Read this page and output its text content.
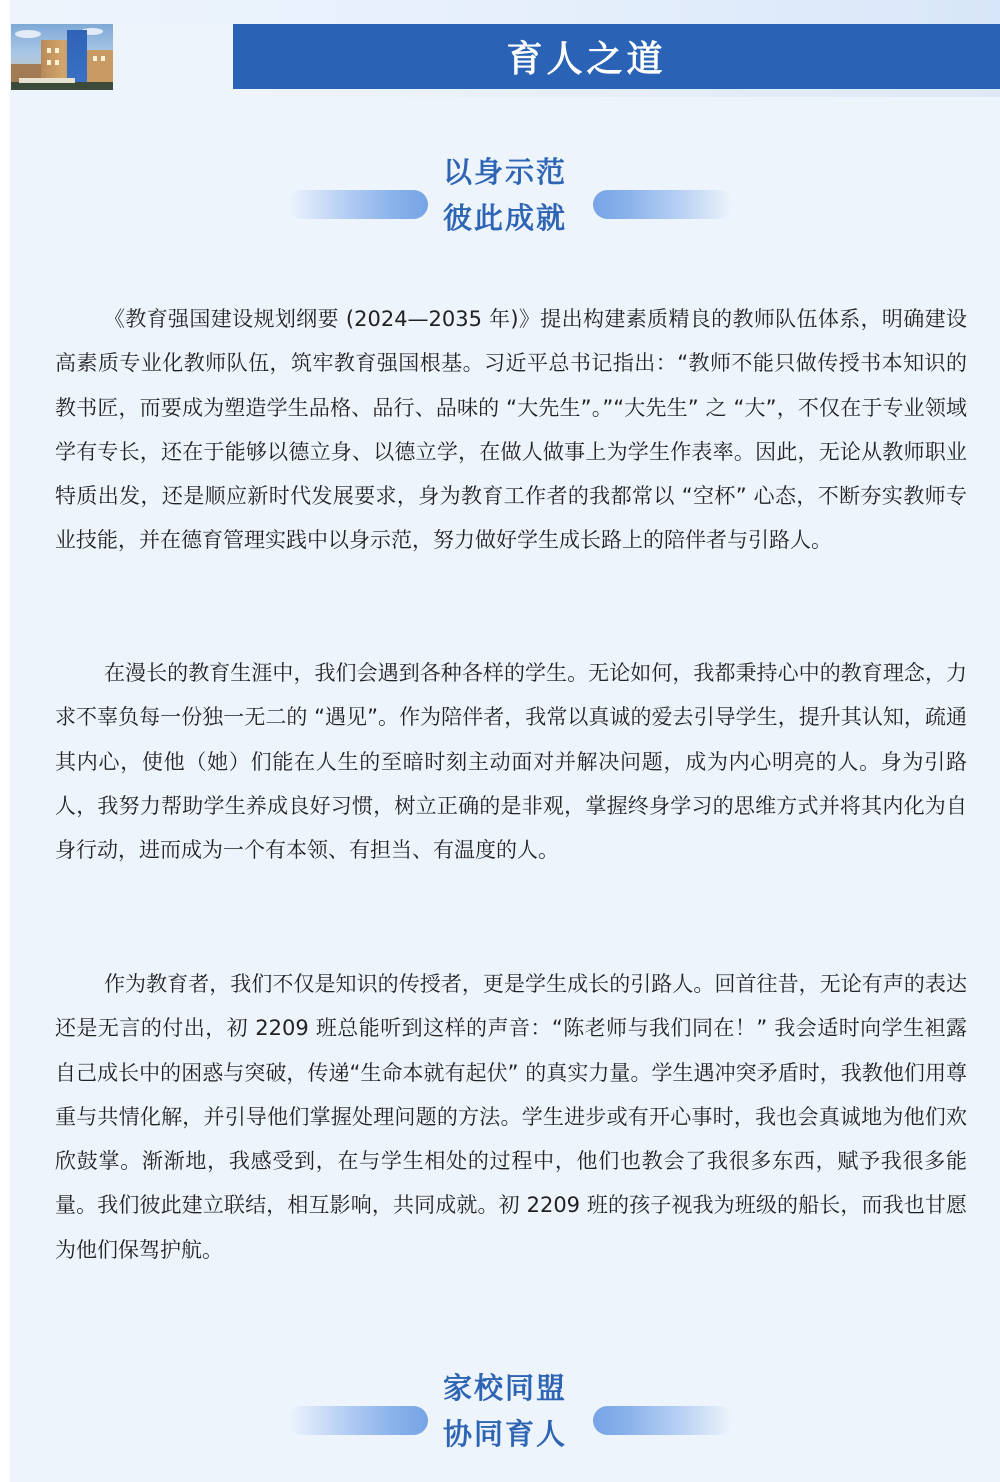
育人之道
以身示范
彼此成就

《教育强国建设规划纲要 (2024—2035 年)》提出构建素质精良的教师队伍体系，明确建设高素质专业化教师队伍，筑牢教育强国根基。习近平总书记指出：“教师不能只做传授书本知识的教书匠，而要成为塑造学生品格、品行、品味的 “大先生”。”“大先生” 之 “大”，不仅在于专业领域学有专长，还在于能够以德立身、以德立学，在做人做事上为学生作表率。因此，无论从教师职业特质出发，还是顺应新时代发展要求，身为教育工作者的我都常以 “空杯” 心态，不断夯实教师专业技能，并在德育管理实践中以身示范，努力做好学生成长路上的陪伴者与引路人。

在漫长的教育生涯中，我们会遇到各种各样的学生。无论如何，我都秉持心中的教育理念，力求不辜负每一份独一无二的 “遇见”。作为陪伴者，我常以真诚的爱去引导学生，提升其认知，疏通其内心，使他（她）们能在人生的至暗时刻主动面对并解决问题，成为内心明亮的人。身为引路人，我努力帮助学生养成良好习惯，树立正确的是非观，掌握终身学习的思维方式并将其内化为自身行动，进而成为一个有本领、有担当、有温度的人。

作为教育者，我们不仅是知识的传授者，更是学生成长的引路人。回首往昔，无论有声的表达还是无言的付出，初 2209 班总能听到这样的声音：“陈老师与我们同在！” 我会适时向学生袒露自己成长中的困惑与突破，传递“生命本就有起伏” 的真实力量。学生遇冲突矛盾时，我教他们用尊重与共情化解，并引导他们掌握处理问题的方法。学生进步或有开心事时，我也会真诚地为他们欢欣鼓掌。渐渐地，我感受到，在与学生相处的过程中，他们也教会了我很多东西，赋予我很多能量。我们彼此建立联结，相互影响，共同成就。初 2209 班的孩子视我为班级的船长，而我也甘愿为他们保驾护航。

家校同盟
协同育人
